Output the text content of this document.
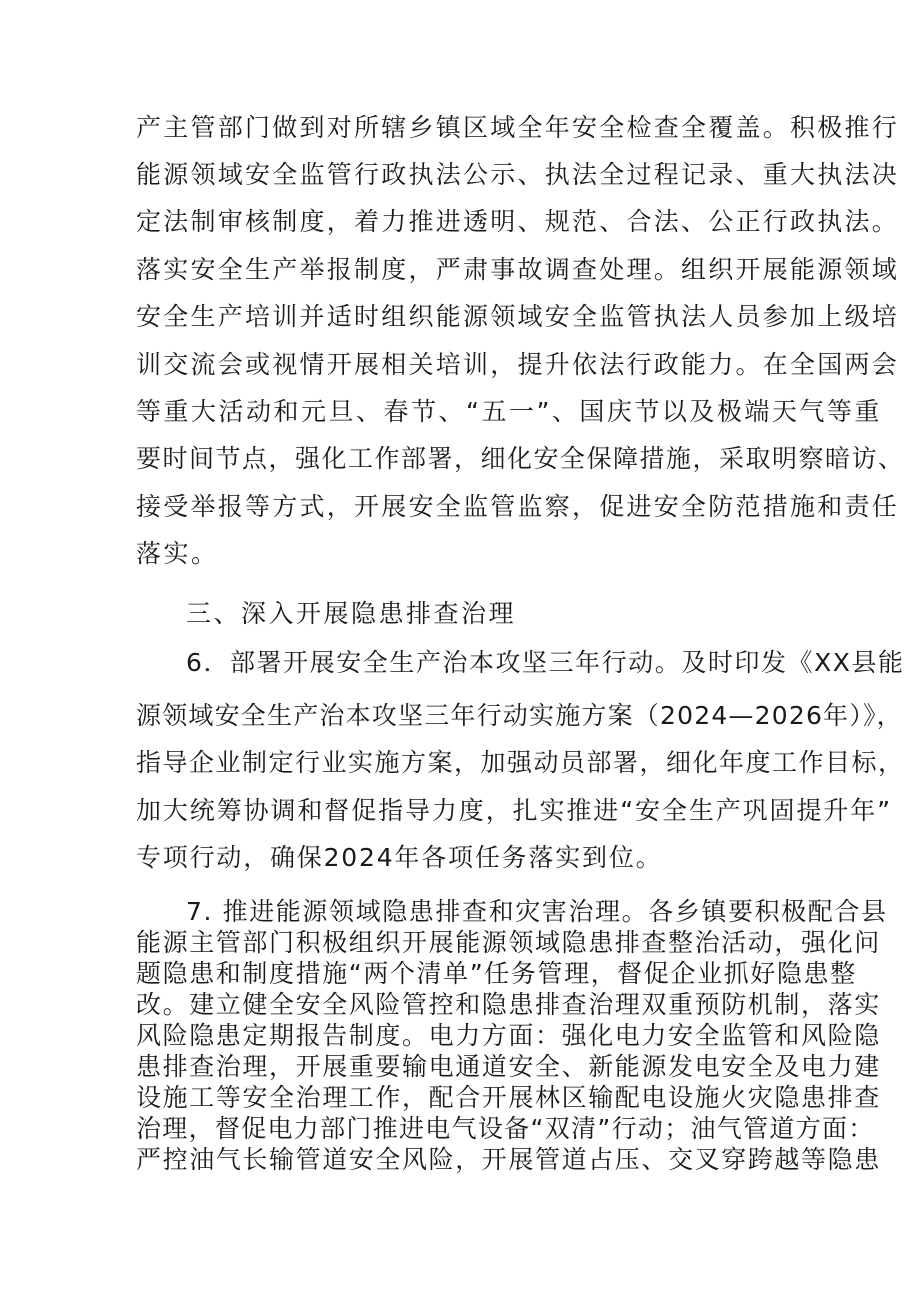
产主管部门做到对所辖乡镇区域全年安全检查全覆盖。积极推行
能源领域安全监管行政执法公示、执法全过程记录、重大执法决
定法制审核制度，着力推进透明、规范、合法、公正行政执法。
落实安全生产举报制度，严肃事故调查处理。组织开展能源领域
安全生产培训并适时组织能源领域安全监管执法人员参加上级培
训交流会或视情开展相关培训，提升依法行政能力。在全国两会
等重大活动和元旦、春节、“五一”、国庆节以及极端天气等重
要时间节点，强化工作部署，细化安全保障措施，采取明察暗访、
接受举报等方式，开展安全监管监察，促进安全防范措施和责任
落实。
三、深入开展隐患排查治理
6．部署开展安全生产治本攻坚三年行动。及时印发《XX县能
源领域安全生产治本攻坚三年行动实施方案（2024—2026年）》，
指导企业制定行业实施方案，加强动员部署，细化年度工作目标，
加大统筹协调和督促指导力度，扎实推进“安全生产巩固提升年”
专项行动，确保2024年各项任务落实到位。
7. 推进能源领域隐患排查和灾害治理。各乡镇要积极配合县
能源主管部门积极组织开展能源领域隐患排查整治活动，强化问
题隐患和制度措施“两个清单”任务管理，督促企业抓好隐患整
改。建立健全安全风险管控和隐患排查治理双重预防机制，落实
风险隐患定期报告制度。电力方面：强化电力安全监管和风险隐
患排查治理，开展重要输电通道安全、新能源发电安全及电力建
设施工等安全治理工作，配合开展林区输配电设施火灾隐患排查
治理，督促电力部门推进电气设备“双清”行动；油气管道方面：
严控油气长输管道安全风险，开展管道占压、交叉穿跨越等隐患
